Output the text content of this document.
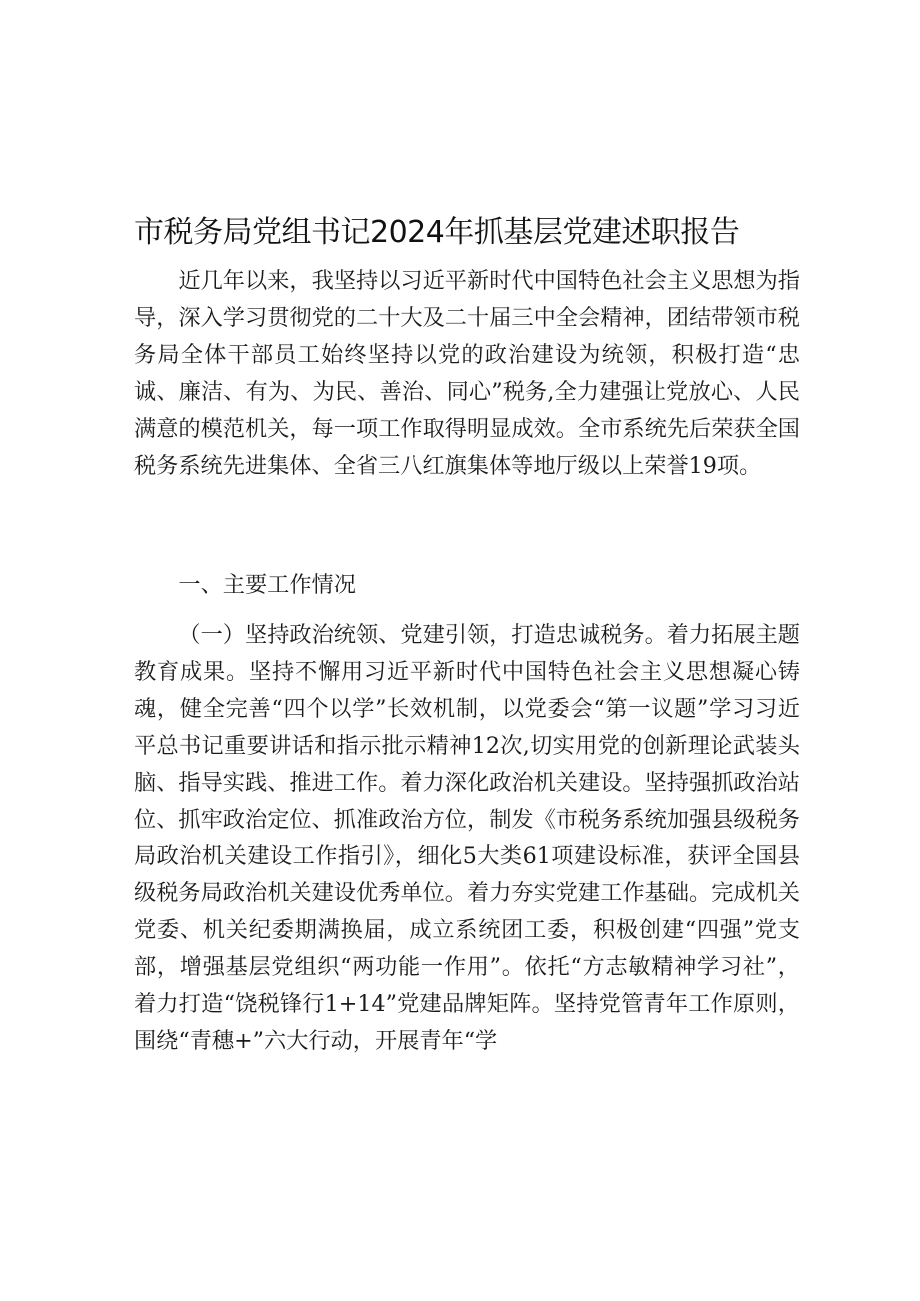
市税务局党组书记2024年抓基层党建述职报告

近几年以来，我坚持以习近平新时代中国特色社会主义思想为指导，深入学习贯彻党的二十大及二十届三中全会精神，团结带领市税务局全体干部员工始终坚持以党的政治建设为统领，积极打造“忠诚、廉洁、有为、为民、善治、同心”税务,全力建强让党放心、人民满意的模范机关，每一项工作取得明显成效。全市系统先后荣获全国税务系统先进集体、全省三八红旗集体等地厅级以上荣誉19项。

一、主要工作情况

（一）坚持政治统领、党建引领，打造忠诚税务。着力拓展主题教育成果。坚持不懈用习近平新时代中国特色社会主义思想凝心铸魂，健全完善“四个以学”长效机制，以党委会“第一议题”学习习近平总书记重要讲话和指示批示精神12次,切实用党的创新理论武装头脑、指导实践、推进工作。着力深化政治机关建设。坚持强抓政治站位、抓牢政治定位、抓准政治方位，制发《市税务系统加强县级税务局政治机关建设工作指引》，细化5大类61项建设标准，获评全国县级税务局政治机关建设优秀单位。着力夯实党建工作基础。完成机关党委、机关纪委期满换届，成立系统团工委，积极创建“四强”党支部，增强基层党组织“两功能一作用”。依托“方志敏精神学习社”，着力打造“饶税锋行1+14”党建品牌矩阵。坚持党管青年工作原则，围绕“青穗+”六大行动，开展青年“学
